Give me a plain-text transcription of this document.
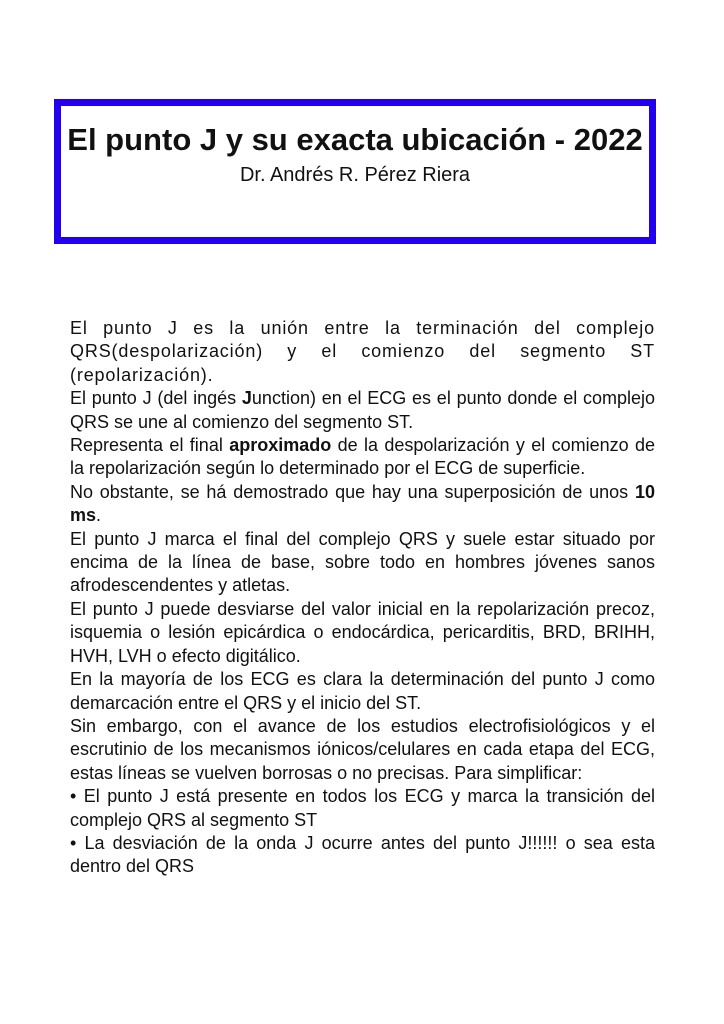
El punto J y su exacta ubicación - 2022
Dr. Andrés R. Pérez Riera

El punto J es la unión entre la terminación del complejo QRS(despolarización) y el comienzo del segmento ST (repolarización).

El punto J (del ingés Junction) en el ECG es el punto donde el complejo QRS se une al comienzo del segmento ST.

Representa el final aproximado de la despolarización y el comienzo de la repolarización según lo determinado por el ECG de superficie.

No obstante, se há demostrado que hay una superposición de unos 10 ms.

El punto J marca el final del complejo QRS y suele estar situado por encima de la línea de base, sobre todo en hombres jóvenes sanos afrodescendentes y atletas.

El punto J puede desviarse del valor inicial en la repolarización precoz, isquemia o lesión epicárdica o endocárdica, pericarditis, BRD, BRIHH, HVH, LVH o efecto digitálico.

En la mayoría de los ECG es clara la determinación del punto J como demarcación entre el QRS y el inicio del ST.

Sin embargo, con el avance de los estudios electrofisiológicos y el escrutinio de los mecanismos iónicos/celulares en cada etapa del ECG, estas líneas se vuelven borrosas o no precisas. Para simplificar:

• El punto J está presente en todos los ECG y marca la transición del complejo QRS al segmento ST

• La desviación de la onda J ocurre antes del punto J!!!!!! o sea esta dentro del QRS
